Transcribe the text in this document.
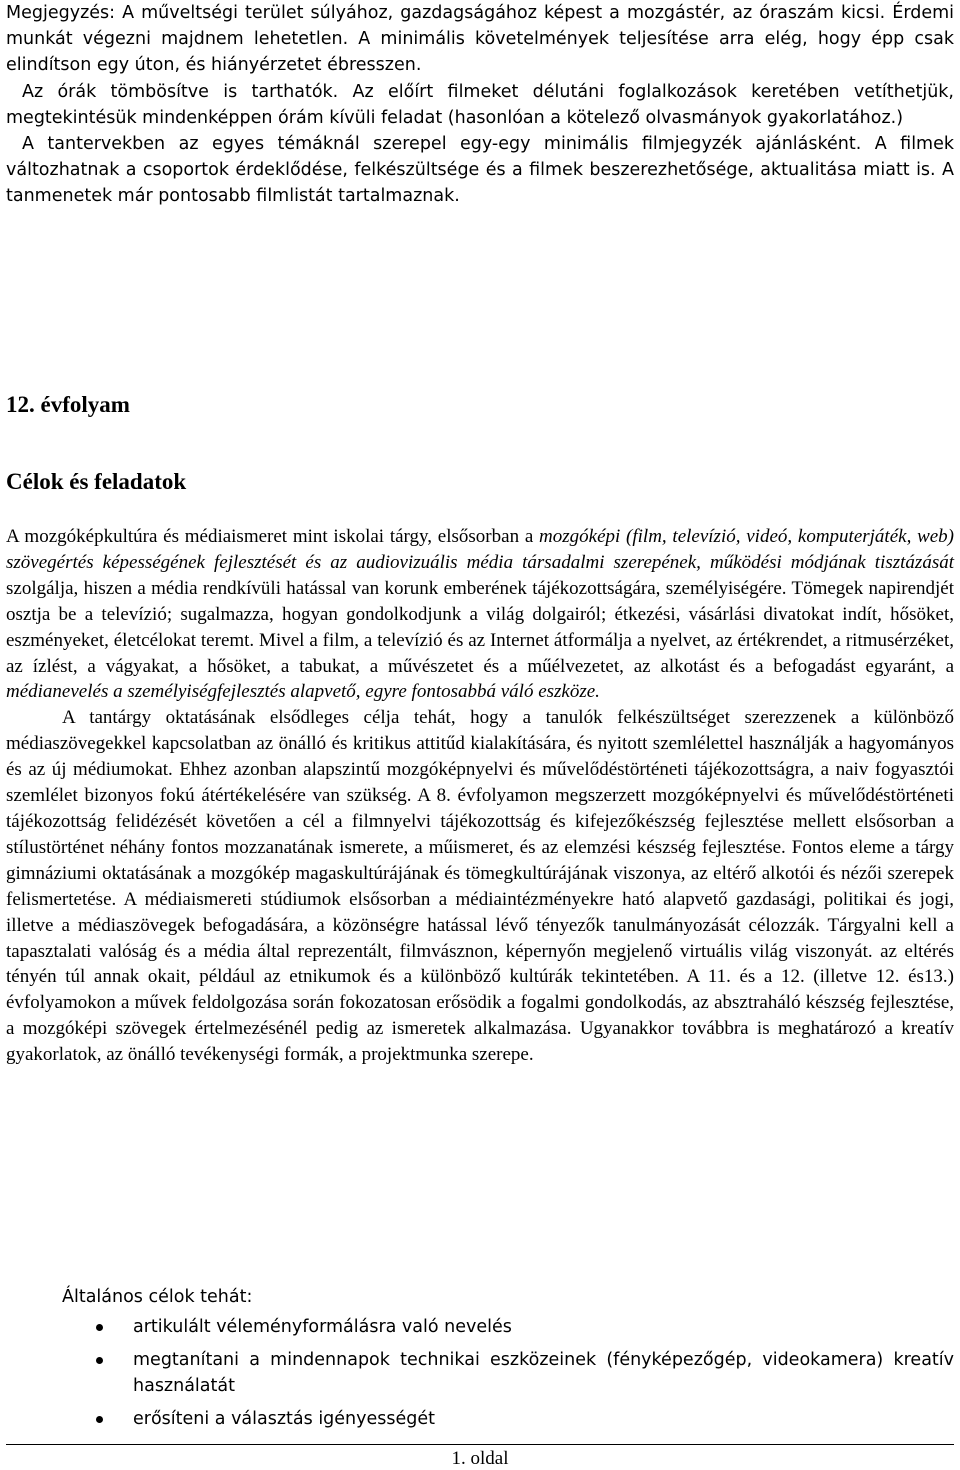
Megjegyzés: A műveltségi terület súlyához, gazdagságához képest a mozgástér, az óraszám kicsi. Érdemi munkát végezni majdnem lehetetlen. A minimális követelmények teljesítése arra elég, hogy épp csak elindítson egy úton, és hiányérzetet ébresszen.

Az órák tömbösítve is tarthatók. Az előírt filmeket délutáni foglalkozások keretében vetíthetjük, megtekintésük mindenképpen órám kívüli feladat (hasonlóan a kötelező olvasmányok gyakorlatához.)

A tantervekben az egyes témáknál szerepel egy-egy minimális filmjegyzék ajánlásként. A filmek változhatnak a csoportok érdeklődése, felkészültsége és a filmek beszerezhetősége, aktualitása miatt is. A tanmenetek már pontosabb filmlistát tartalmaznak.

12. évfolyam
Célok és feladatok

A mozgóképkultúra és médiaismeret mint iskolai tárgy, elsősorban a mozgóképi (film, televízió, videó, komputerjáték, web) szövegértés képességének fejlesztését és az audiovizuális média társadalmi szerepének, működési módjának tisztázását szolgálja, hiszen a média rendkívüli hatással van korunk emberének tájékozottságára, személyiségére. Tömegek napirendjét osztja be a televízió; sugalmazza, hogyan gondolkodjunk a világ dolgairól; étkezési, vásárlási divatokat indít, hősöket, eszményeket, életcélokat teremt. Mivel a film, a televízió és az Internet átformálja a nyelvet, az értékrendet, a ritmusérzéket, az ízlést, a vágyakat, a hősöket, a tabukat, a művészetet és a műélvezetet, az alkotást és a befogadást egyaránt, a médianevelés a személyiségfejlesztés alapvető, egyre fontosabbá váló eszköze.

A tantárgy oktatásának elsődleges célja tehát, hogy a tanulók felkészültséget szerezzenek a különböző médiaszövegekkel kapcsolatban az önálló és kritikus attitűd kialakítására, és nyitott szemlélettel használják a hagyományos és az új médiumokat. Ehhez azonban alapszintű mozgóképnyelvi és művelődéstörténeti tájékozottságra, a naiv fogyasztói szemlélet bizonyos fokú átértékelésére van szükség. A 8. évfolyamon megszerzett mozgóképnyelvi és művelődéstörténeti tájékozottság felidézését követően a cél a filmnyelvi tájékozottság és kifejezőkészség fejlesztése mellett elsősorban a stílustörténet néhány fontos mozzanatának ismerete, a műismeret, és az elemzési készség fejlesztése. Fontos eleme a tárgy gimnáziumi oktatásának a mozgókép magaskultúrájának és tömegkultúrájának viszonya, az eltérő alkotói és nézői szerepek felismertetése. A médiaismereti stúdiumok elsősorban a médiaintézményekre ható alapvető gazdasági, politikai és jogi, illetve a médiaszövegek befogadására, a közönségre hatással lévő tényezők tanulmányozását célozzák. Tárgyalni kell a tapasztalati valóság és a média által reprezentált, filmvásznon, képernyőn megjelenő virtuális világ viszonyát. az eltérés tényén túl annak okait, például az etnikumok és a különböző kultúrák tekintetében. A 11. és a 12. (illetve 12. és13.) évfolyamokon a művek feldolgozása során fokozatosan erősödik a fogalmi gondolkodás, az absztraháló készség fejlesztése, a mozgóképi szövegek értelmezésénél pedig az ismeretek alkalmazása. Ugyanakkor továbbra is meghatározó a kreatív gyakorlatok, az önálló tevékenységi formák, a projektmunka szerepe.

Általános célok tehát:
artikulált véleményformálásra való nevelés
megtanítani a mindennapok technikai eszközeinek (fényképezőgép, videokamera) kreatív használatát
erősíteni a választás igényességét
1. oldal
